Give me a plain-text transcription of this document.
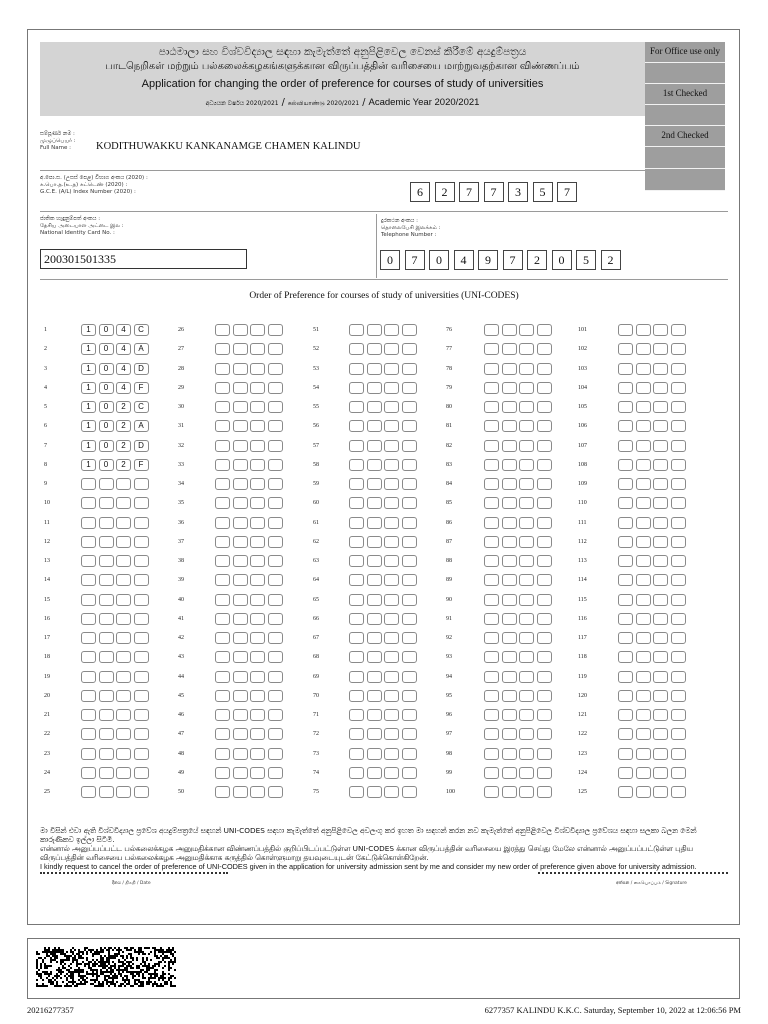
පාඨමාලා සහ විශ්වවිද්‍යාල සඳහා කැමැත්තේ අනුපිළිවෙල වෙනස් කිරීමේ අයදුම්පත්‍රය
பாடநெறிகள் மற்றும் பல்கலைக்கழகங்களுக்கான விருப்பத்தின் வரிசையை மாற்றுவதற்கான விண்ணப்பம்
Application for changing the order of preference for courses of study of universities
අධ්‍යයන වර්ෂය 2020/2021 / கல்வியாண்டு 2020/2021 / Academic Year 2020/2021
For Office use only
1st Checked
2nd Checked
සම්පූර්ණ නම :
முழுப்பெயர் :
Full Name :	KODITHUWAKKU KANKANAMGE CHAMEN KALINDU
අ.පො.ස. (උසස් පෙළ) විභාග අංකය (2020) :
க.பொ.த.(உ.த) சுட்டெண் (2020) :
G.C.E. (A/L) Index Number (2020) :	6	2	7	7	3	5	7
ජාතික හැඳුනුම්පත් අංකය :
தேசிய அடையாள அட்டை இல :
National Identity Card No. :
200301501335
දුරකථන අංකය :
தொலைபேசி இலக்கம் :
Telephone Number :
0	7	0	4	9	7	2	0	5	2
Order of Preference for courses of study of universities (UNI-CODES)
1	1	0	4	C
2	1	0	4	A
3	1	0	4	D
4	1	0	4	F
5	1	0	2	C
6	1	0	2	A
7	1	0	2	D
8	1	0	2	F
9
10
11
12
13
14
15
16
17
18
19
20
21
22
23
24
25
26
27
28
29
30
31
32
33
34
35
36
37
38
39
40
41
42
43
44
45
46
47
48
49
50
51
52
53
54
55
56
57
58
59
60
61
62
63
64
65
66
67
68
69
70
71
72
73
74
75
76
77
78
79
80
81
82
83
84
85
86
87
88
89
90
91
92
93
94
95
96
97
98
99
100
101
102
103
104
105
106
107
108
109
110
111
112
113
114
115
116
117
118
119
120
121
122
123
124
125
මා විසින් එවා ඇති විශ්වවිද්‍යාල ප්‍රවේශ අයදුම්පත්‍රයේ සඳහන් UNI-CODES සඳහා කැමැත්තේ අනුපිළිවෙල අවලංගු කර ඉහත මා සඳහන් කරන නව කැමැත්තේ අනුපිළිවෙල විශ්වවිද්‍යාල ප්‍රවේශය සඳහා සලකා බලන මෙන් කාරුණිකව ඉල්ලා සිටිමි.
என்னால் அனுப்பப்பட்ட பல்கலைக்கழக அனுமதிக்கான விண்ணப்பத்தில் குறிப்பிடப்பட்டுள்ள UNI-CODES க்கான விருப்பத்தின் வரிசையை இரத்து செய்து மேலே என்னால் அனுப்பப்பட்டுள்ள புதிய விருப்பத்தின் வரிசையை பல்கலைக்கழக அனுமதிக்காக கருத்தில் கொள்ளுமாறு தயவுடையுடன் கேட்டுக்கொள்கிறேன்.
I kindly request to cancel the order of preference of UNI-CODES given in the application for university admission sent by me and consider my new order of preference given above for university admission.
දිනය / திகதி / Date	අත්සන / கையொப்பம் / Signature
20216277357	6277357 KALINDU K.K.C. Saturday, September 10, 2022 at 12:06:56 PM
